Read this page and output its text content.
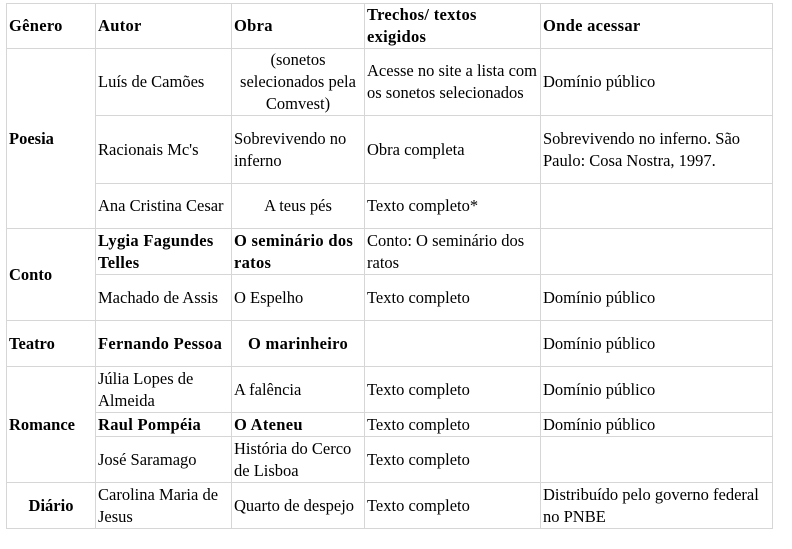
Gênero	Autor	Obra	Trechos/ textos exigidos	Onde acessar
Poesia	Luís de Camões	(sonetos selecionados pela Comvest)	Acesse no site a lista com os sonetos selecionados	Domínio público
	Racionais Mc's	Sobrevivendo no inferno	Obra completa	Sobrevivendo no inferno. São Paulo: Cosa Nostra, 1997.
	Ana Cristina Cesar	A teus pés	Texto completo*	
Conto	Lygia Fagundes Telles	O seminário dos ratos	Conto: O seminário dos ratos	
	Machado de Assis	O Espelho	Texto completo	Domínio público
Teatro	Fernando Pessoa	O marinheiro		Domínio público
Romance	Júlia Lopes de Almeida	A falência	Texto completo	Domínio público
	Raul Pompéia	O Ateneu	Texto completo	Domínio público
	José Saramago	História do Cerco de Lisboa	Texto completo	
Diário	Carolina Maria de Jesus	Quarto de despejo	Texto completo	Distribuído pelo governo federal no PNBE
